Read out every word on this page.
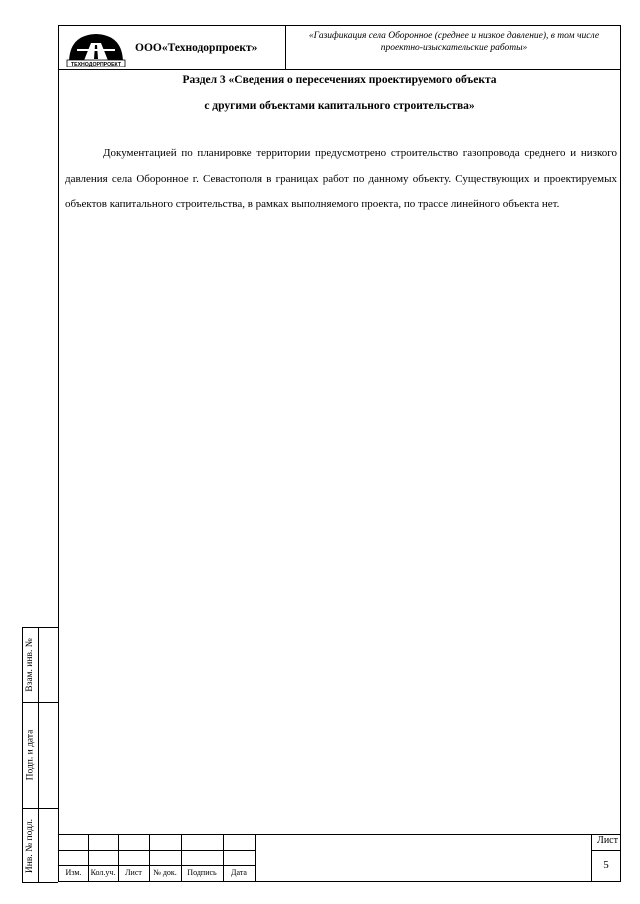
ТЕХНОДОРПРОЕКТ
ООО«Технодорпроект»
«Газификация села Оборонное (среднее и низкое давление), в том числе
проектно-изыскательские работы»
Раздел 3 «Сведения о пересечениях проектируемого объекта
с другими объектами капитального строительства»

Документацией по планировке территории предусмотрено строительство газопровода среднего и низкого давления села Оборонное г. Севастополя в границах работ по данному объекту. Существующих и проектируемых объектов капитального строительства, в рамках выполняемого проекта, по трассе линейного объекта нет.

Изм.	Кол.уч.	Лист	№ док.	Подпись	Дата
Лист
5
Взам. инв. №
Подп. и дата
Инв. № подл.
